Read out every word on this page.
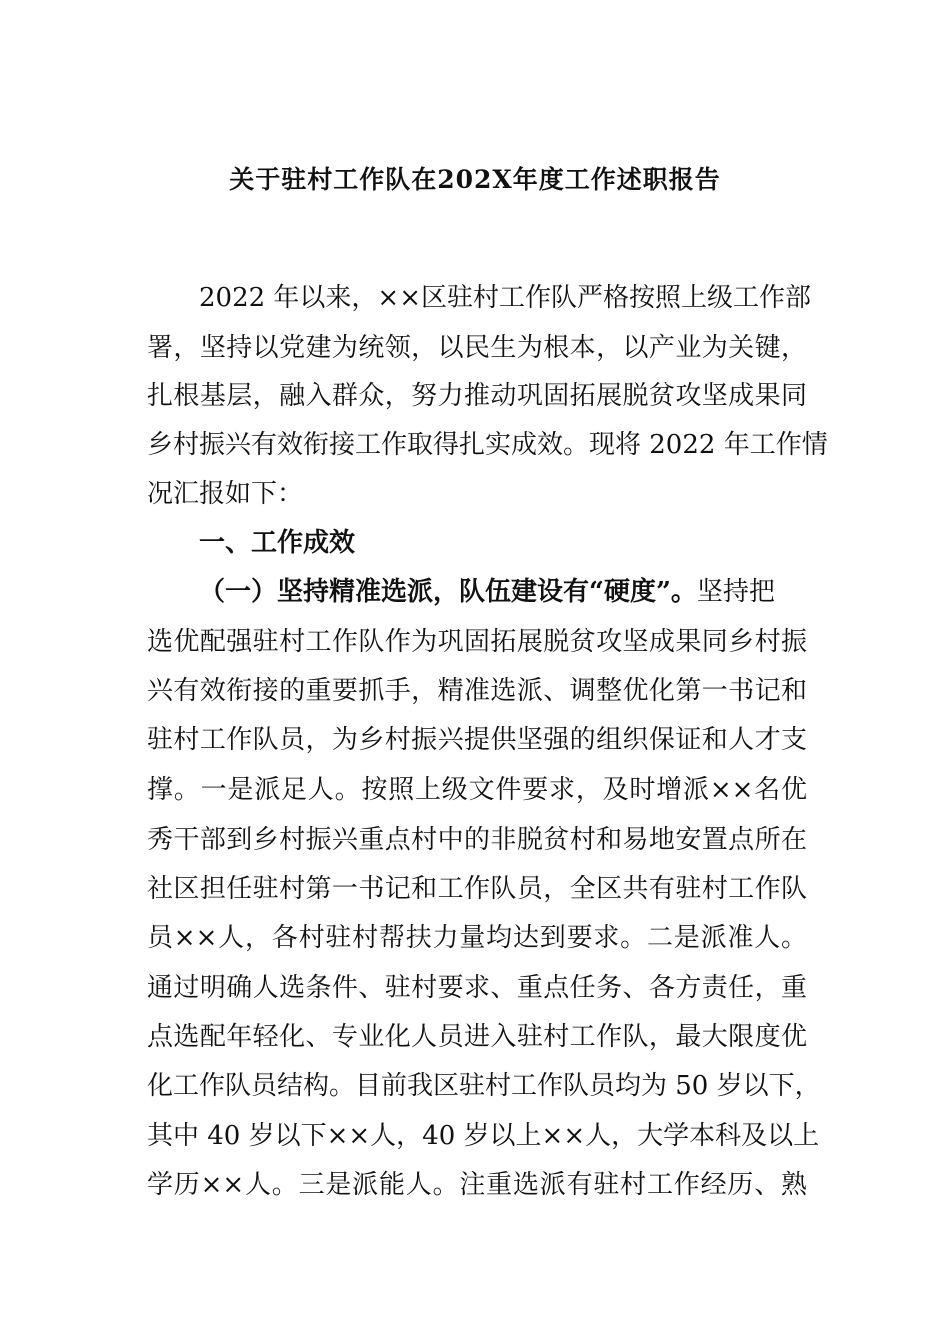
关于驻村工作队在202X年度工作述职报告
2022 年以来，××区驻村工作队严格按照上级工作部
署，坚持以党建为统领，以民生为根本，以产业为关键，
扎根基层，融入群众，努力推动巩固拓展脱贫攻坚成果同
乡村振兴有效衔接工作取得扎实成效。现将 2022 年工作情
况汇报如下：
一、工作成效
（一）坚持精准选派，队伍建设有“硬度”。坚持把
选优配强驻村工作队作为巩固拓展脱贫攻坚成果同乡村振
兴有效衔接的重要抓手，精准选派、调整优化第一书记和
驻村工作队员，为乡村振兴提供坚强的组织保证和人才支
撑。一是派足人。按照上级文件要求，及时增派××名优
秀干部到乡村振兴重点村中的非脱贫村和易地安置点所在
社区担任驻村第一书记和工作队员，全区共有驻村工作队
员××人，各村驻村帮扶力量均达到要求。二是派准人。
通过明确人选条件、驻村要求、重点任务、各方责任，重
点选配年轻化、专业化人员进入驻村工作队，最大限度优
化工作队员结构。目前我区驻村工作队员均为 50 岁以下，
其中 40 岁以下××人，40 岁以上××人，大学本科及以上
学历××人。三是派能人。注重选派有驻村工作经历、熟
